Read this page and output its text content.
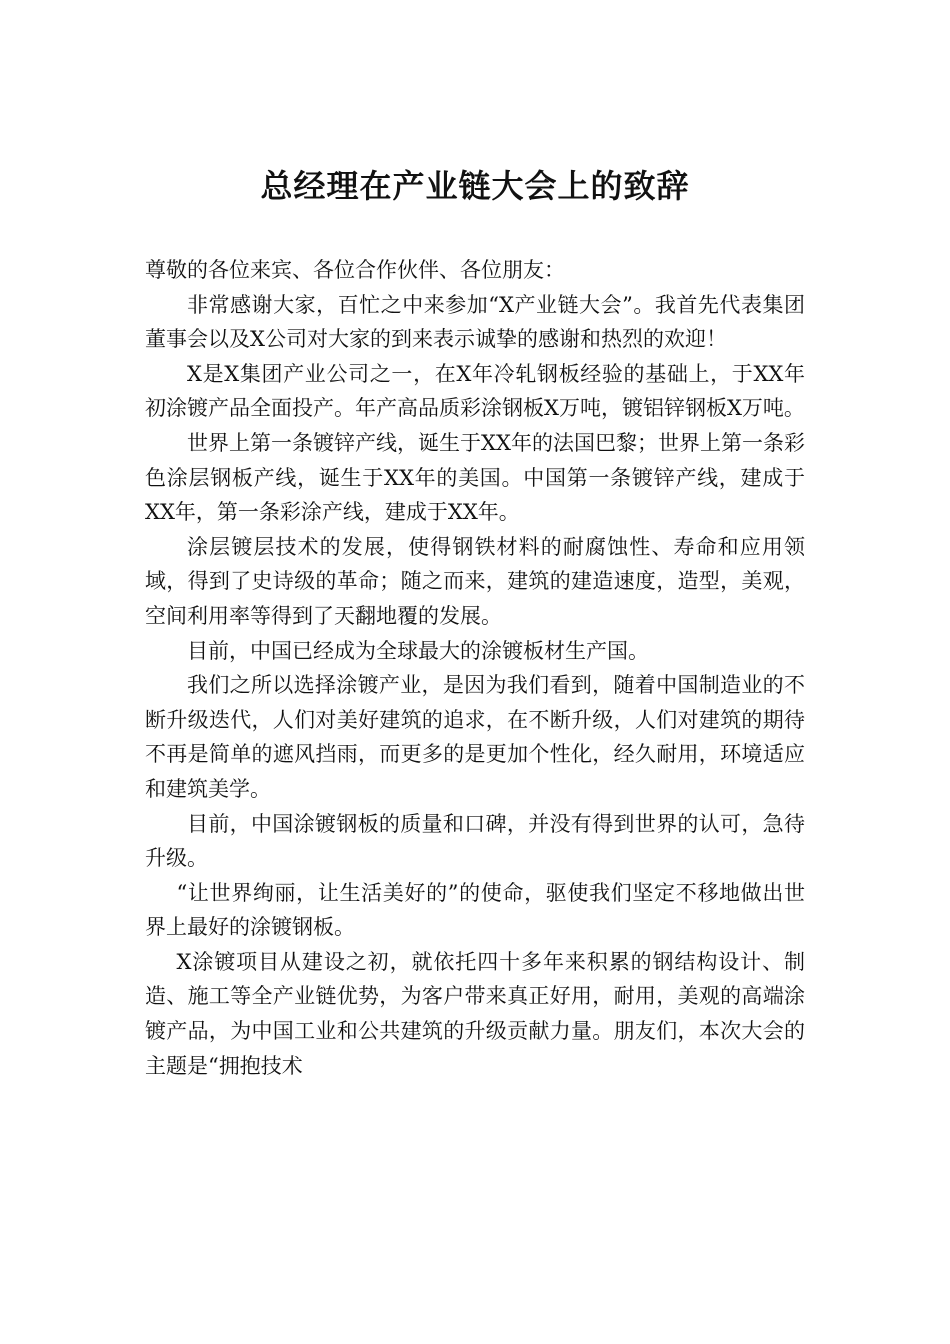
总经理在产业链大会上的致辞

尊敬的各位来宾、各位合作伙伴、各位朋友：

非常感谢大家，百忙之中来参加“X产业链大会”。我首先代表集团董事会以及X公司对大家的到来表示诚挚的感谢和热烈的欢迎！

X是X集团产业公司之一，在X年冷轧钢板经验的基础上，于XX年初涂镀产品全面投产。年产高品质彩涂钢板X万吨，镀铝锌钢板X万吨。

世界上第一条镀锌产线，诞生于XX年的法国巴黎；世界上第一条彩色涂层钢板产线，诞生于XX年的美国。中国第一条镀锌产线，建成于XX年，第一条彩涂产线，建成于XX年。

涂层镀层技术的发展，使得钢铁材料的耐腐蚀性、寿命和应用领域，得到了史诗级的革命；随之而来，建筑的建造速度，造型，美观，空间利用率等得到了天翻地覆的发展。

目前，中国已经成为全球最大的涂镀板材生产国。

我们之所以选择涂镀产业，是因为我们看到，随着中国制造业的不断升级迭代，人们对美好建筑的追求，在不断升级，人们对建筑的期待不再是简单的遮风挡雨，而更多的是更加个性化，经久耐用，环境适应和建筑美学。

目前，中国涂镀钢板的质量和口碑，并没有得到世界的认可，急待升级。

“让世界绚丽，让生活美好的”的使命，驱使我们坚定不移地做出世界上最好的涂镀钢板。

X涂镀项目从建设之初，就依托四十多年来积累的钢结构设计、制造、施工等全产业链优势，为客户带来真正好用，耐用，美观的高端涂镀产品，为中国工业和公共建筑的升级贡献力量。朋友们，本次大会的主题是“拥抱技术
